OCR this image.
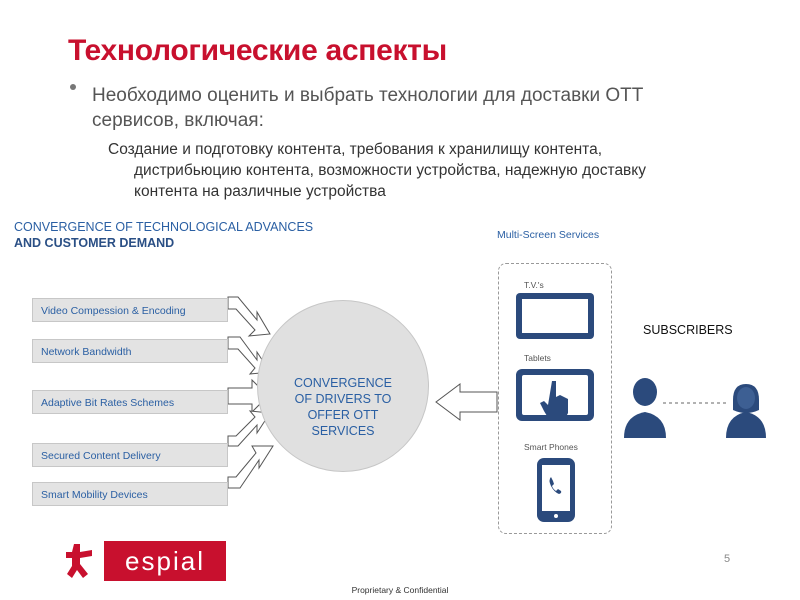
Технологические аспекты
Необходимо оценить и выбрать технологии для доставки ОТТ сервисов, включая:
Создание и подготовку контента, требования к хранилищу контента,
дистрибьюцию контента, возможности устройства, надежную доставку
контента на различные устройства
CONVERGENCE OF TECHNOLOGICAL ADVANCES
AND CUSTOMER DEMAND
Multi-Screen Services
Video Compession & Encoding
Network Bandwidth
Adaptive Bit Rates Schemes
Secured Content Delivery
Smart Mobility Devices
CONVERGENCE
OF DRIVERS TO
OFFER OTT
SERVICES
T.V.'s
Tablets
Smart Phones
SUBSCRIBERS
espial	5
Proprietary & Confidential
